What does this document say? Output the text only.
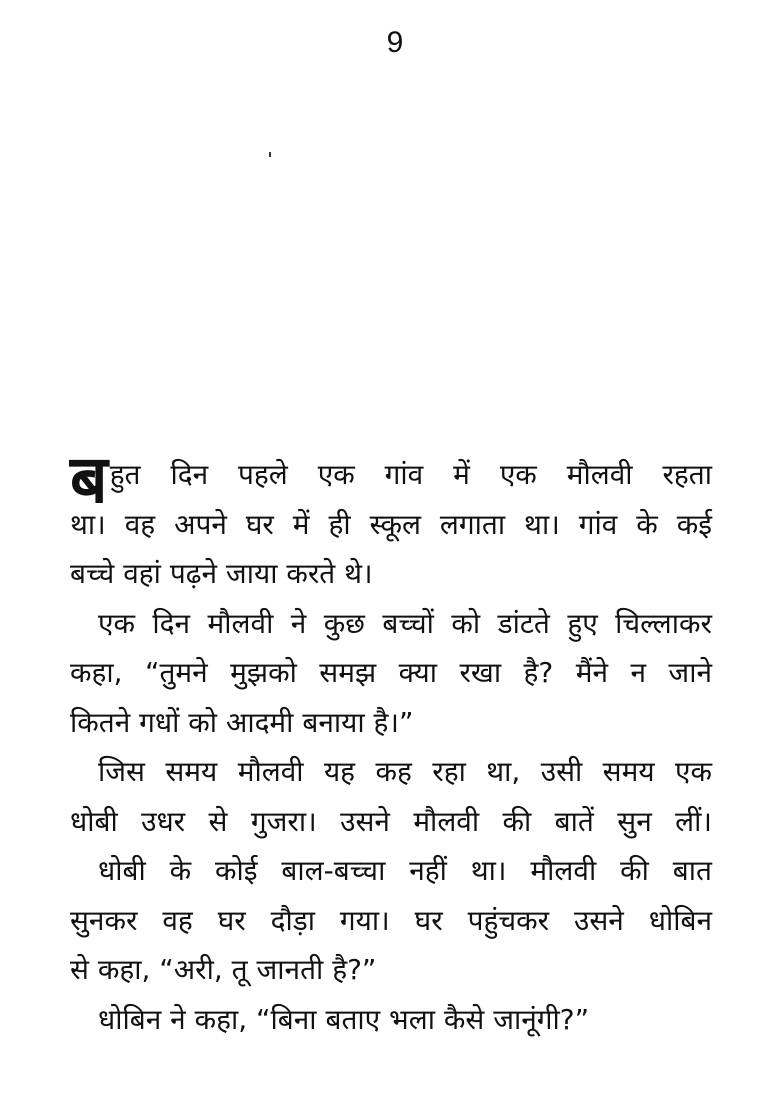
9
ब हुत दिन पहले एक गांव में एक मौलवी रहता
था। वह अपने घर में ही स्कूल लगाता था। गांव के कई
बच्चे वहां पढ़ने जाया करते थे।
एक दिन मौलवी ने कुछ बच्चों को डांटते हुए चिल्लाकर
कहा, “तुमने मुझको समझ क्या रखा है? मैंने न जाने
कितने गधों को आदमी बनाया है।”
जिस समय मौलवी यह कह रहा था, उसी समय एक
धोबी उधर से गुजरा। उसने मौलवी की बातें सुन लीं।
धोबी के कोई बाल-बच्चा नहीं था। मौलवी की बात
सुनकर वह घर दौड़ा गया। घर पहुंचकर उसने धोबिन
से कहा, “अरी, तू जानती है?”
धोबिन ने कहा, “बिना बताए भला कैसे जानूंगी?”
